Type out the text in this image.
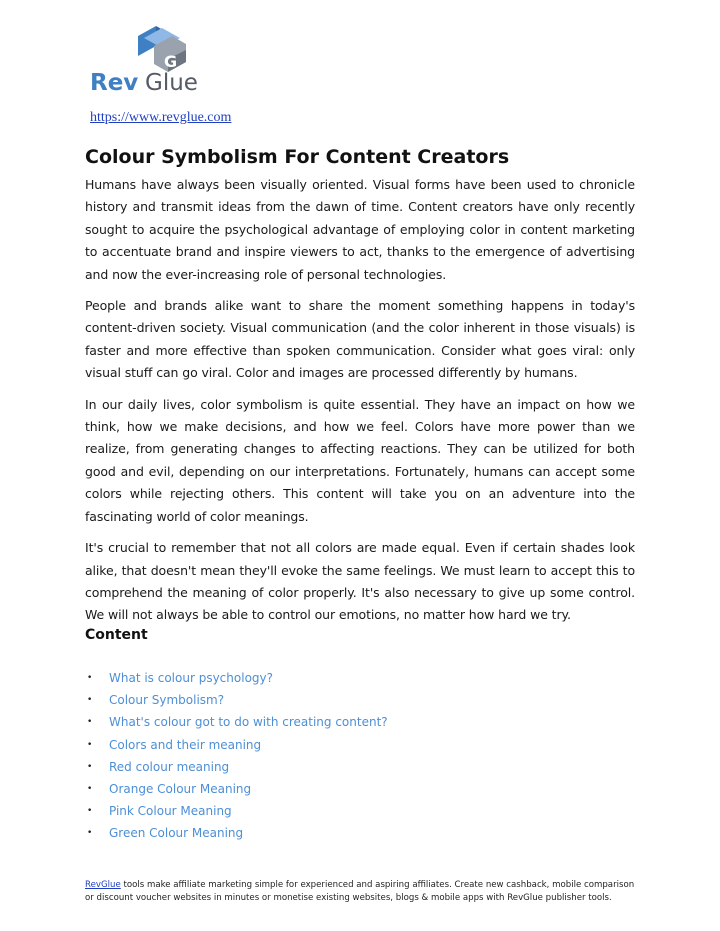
G
Rev Glue
https://www.revglue.com
Colour Symbolism For Content Creators

Humans have always been visually oriented. Visual forms have been used to chronicle history and transmit ideas from the dawn of time. Content creators have only recently sought to acquire the psychological advantage of employing color in content marketing to accentuate brand and inspire viewers to act, thanks to the emergence of advertising and now the ever-increasing role of personal technologies.

People and brands alike want to share the moment something happens in today's content-driven society. Visual communication (and the color inherent in those visuals) is faster and more effective than spoken communication. Consider what goes viral: only visual stuff can go viral. Color and images are processed differently by humans.

In our daily lives, color symbolism is quite essential. They have an impact on how we think, how we make decisions, and how we feel. Colors have more power than we realize, from generating changes to affecting reactions. They can be utilized for both good and evil, depending on our interpretations. Fortunately, humans can accept some colors while rejecting others. This content will take you on an adventure into the fascinating world of color meanings.

It's crucial to remember that not all colors are made equal. Even if certain shades look alike, that doesn't mean they'll evoke the same feelings. We must learn to accept this to comprehend the meaning of color properly. It's also necessary to give up some control. We will not always be able to control our emotions, no matter how hard we try.

Content
•	What is colour psychology?
•	Colour Symbolism?
•	What's colour got to do with creating content?
•	Colors and their meaning
•	Red colour meaning
•	Orange Colour Meaning
•	Pink Colour Meaning
•	Green Colour Meaning
RevGlue tools make affiliate marketing simple for experienced and aspiring affiliates. Create new cashback, mobile comparison or discount voucher websites in minutes or monetise existing websites, blogs & mobile apps with RevGlue publisher tools.
